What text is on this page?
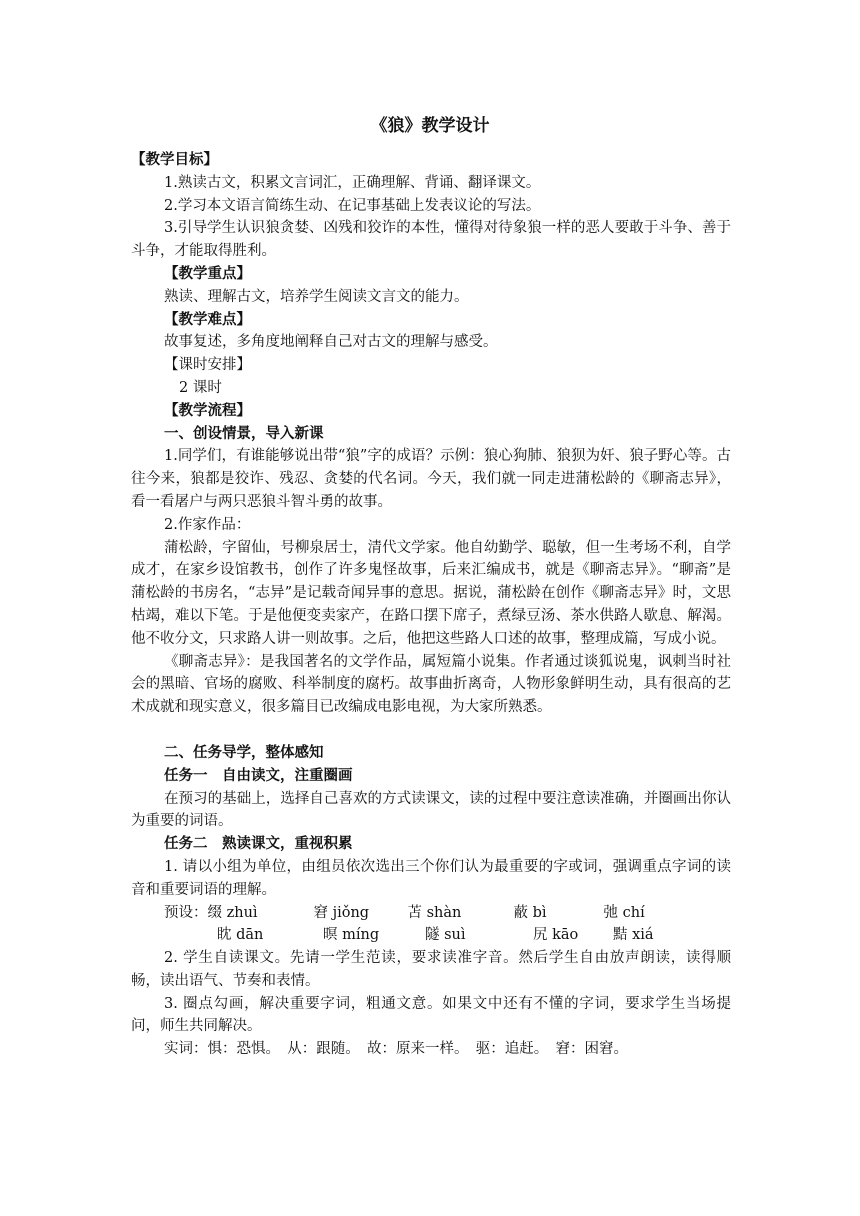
《狼》教学设计

【教学目标】

1.熟读古文，积累文言词汇，正确理解、背诵、翻译课文。

2.学习本文语言简练生动、在记事基础上发表议论的写法。

3.引导学生认识狼贪婪、凶残和狡诈的本性，懂得对待象狼一样的恶人要敢于斗争、善于斗争，才能取得胜利。

【教学重点】

熟读、理解古文，培养学生阅读文言文的能力。

【教学难点】

故事复述，多角度地阐释自己对古文的理解与感受。

【课时安排】

2 课时

【教学流程】
一、创设情景，导入新课

1.同学们，有谁能够说出带“狼”字的成语？示例：狼心狗肺、狼狈为奸、狼子野心等。古往今来，狼都是狡诈、残忍、贪婪的代名词。今天，我们就一同走进蒲松龄的《聊斋志异》，看一看屠户与两只恶狼斗智斗勇的故事。

2.作家作品：

蒲松龄，字留仙，号柳泉居士，清代文学家。他自幼勤学、聪敏，但一生考场不利，自学成才，在家乡设馆教书，创作了许多鬼怪故事，后来汇编成书，就是《聊斋志异》。“聊斋”是蒲松龄的书房名，“志异”是记载奇闻异事的意思。据说，蒲松龄在创作《聊斋志异》时，文思枯竭，难以下笔。于是他便变卖家产，在路口摆下席子，煮绿豆汤、茶水供路人歇息、解渴。他不收分文，只求路人讲一则故事。之后，他把这些路人口述的故事，整理成篇，写成小说。

《聊斋志异》：是我国著名的文学作品，属短篇小说集。作者通过谈狐说鬼，讽刺当时社会的黑暗、官场的腐败、科举制度的腐朽。故事曲折离奇，人物形象鲜明生动，具有很高的艺术成就和现实意义，很多篇目已改编成电影电视，为大家所熟悉。

二、任务导学，整体感知
任务一　自由读文，注重圈画

在预习的基础上，选择自己喜欢的方式读课文，读的过程中要注意读准确，并圈画出你认为重要的词语。

任务二　熟读课文，重视积累

1. 请以小组为单位，由组员依次选出三个你们认为最重要的字或词，强调重点字词的读音和重要词语的理解。

预设： 缀 zhuì	窘 jiǒng	苫 shàn	蔽 bì	弛 chí
眈 dān	暝 míng	隧 suì	尻 kāo	黠 xiá

2. 学生自读课文。先请一学生范读，要求读准字音。然后学生自由放声朗读，读得顺畅，读出语气、节奏和表情。

3. 圈点勾画，解决重要字词，粗通文意。如果文中还有不懂的字词，要求学生当场提问，师生共同解决。

实词：惧：恐惧。　从：跟随。　故：原来一样。　驱：追赶。　窘：困窘。
